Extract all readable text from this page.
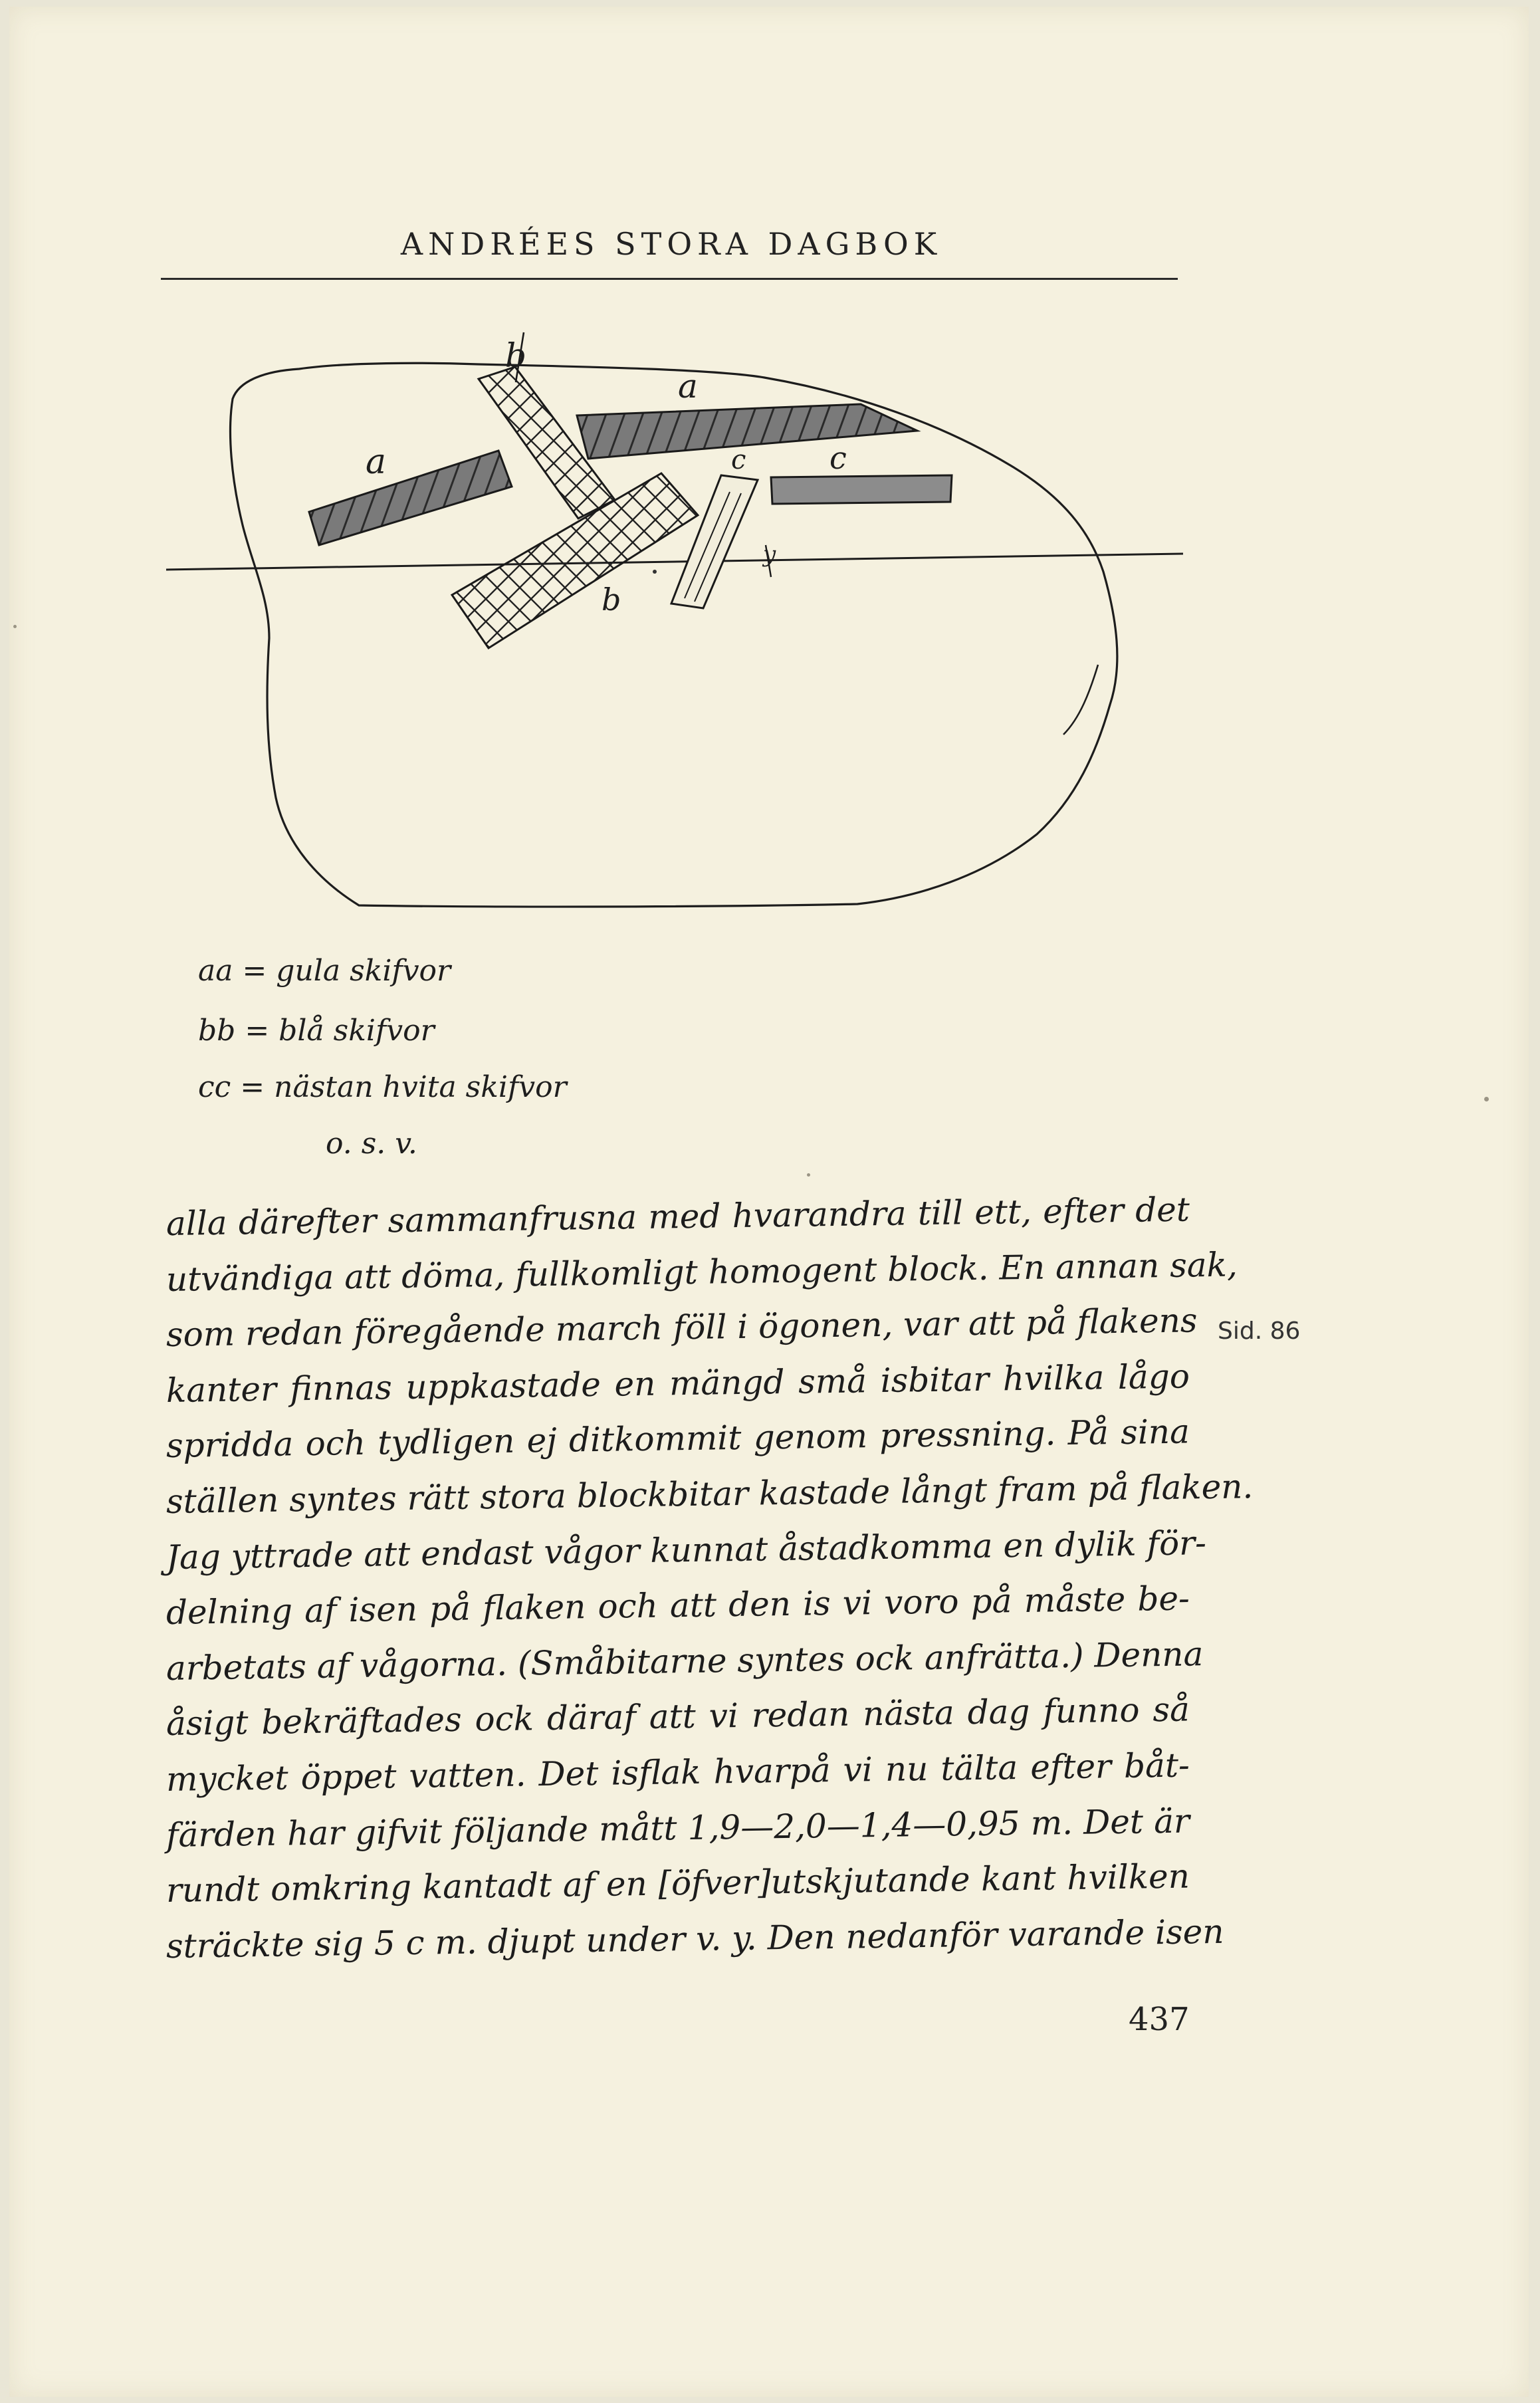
ANDRÉES STORA DAGBOK
a
a
b
b
c
c
y
aa = gula skifvor
bb = blå skifvor
cc = nästan hvita skifvor
o. s. v.
alla därefter sammanfrusna med hvarandra till ett, efter det
utvändiga att döma, fullkomligt homogent block. En annan sak,
som redan föregående march föll i ögonen, var att på flakens
kanter finnas uppkastade en mängd små isbitar hvilka lågo
spridda och tydligen ej ditkommit genom pressning. På sina
ställen syntes rätt stora blockbitar kastade långt fram på flaken.
Jag yttrade att endast vågor kunnat åstadkomma en dylik för-
delning af isen på flaken och att den is vi voro på måste be-
arbetats af vågorna. (Småbitarne syntes ock anfrätta.) Denna
åsigt bekräftades ock däraf att vi redan nästa dag funno så
mycket öppet vatten. Det isflak hvarpå vi nu tälta efter båt-
färden har gifvit följande mått 1,9—2,0—1,4—0,95 m. Det är
rundt omkring kantadt af en [öfver]utskjutande kant hvilken
sträckte sig 5 c m. djupt under v. y. Den nedanför varande isen
Sid. 86
437
